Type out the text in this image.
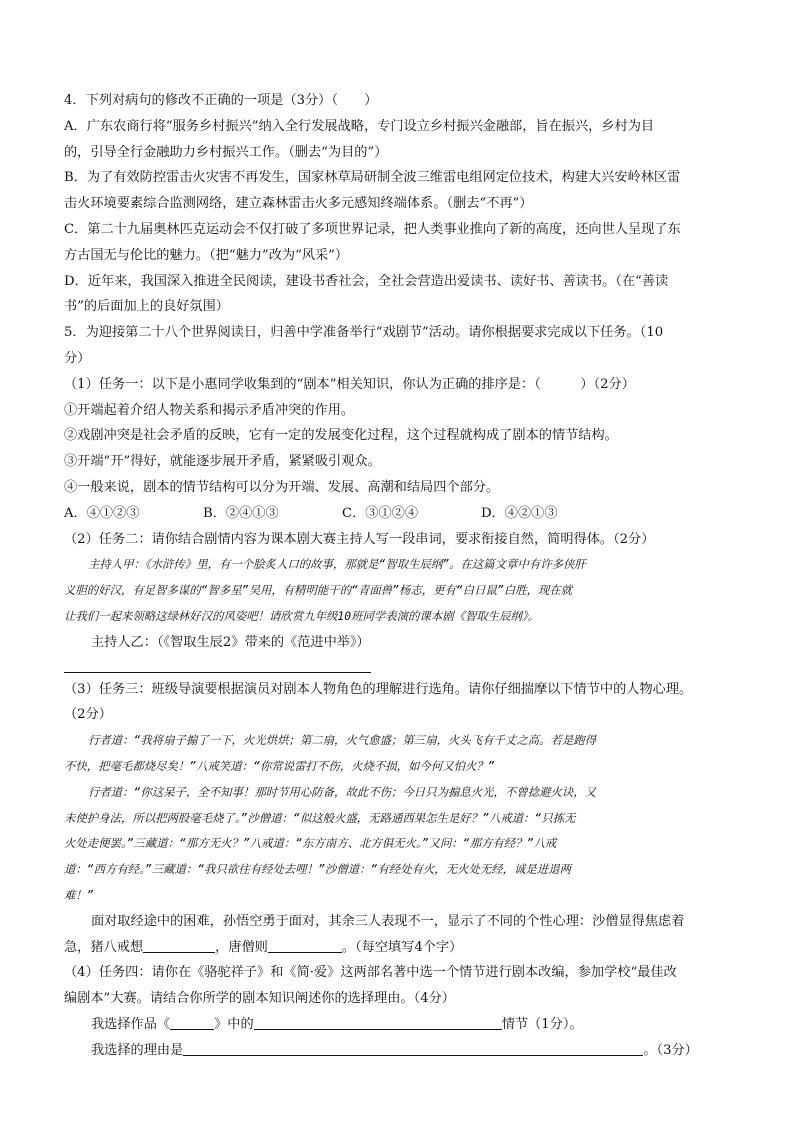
4．下列对病句的修改不正确的一项是（3分）（　　）

A．广东农商行将“服务乡村振兴”纳入全行发展战略，专门设立乡村振兴金融部，旨在振兴，乡村为目

的，引导全行金融助力乡村振兴工作。（删去“为目的”）

B．为了有效防控雷击火灾害不再发生，国家林草局研制全波三维雷电组网定位技术，构建大兴安岭林区雷

击火环境要素综合监测网络，建立森林雷击火多元感知终端体系。（删去“不再”）

C．第二十九届奥林匹克运动会不仅打破了多项世界记录，把人类事业推向了新的高度，还向世人呈现了东

方古国无与伦比的魅力。（把“魅力”改为“风采”）

D．近年来，我国深入推进全民阅读，建设书香社会，全社会营造出爱读书、读好书、善读书。（在“善读

书”的后面加上的良好氛围）

5．为迎接第二十八个世界阅读日，归善中学准备举行“戏剧节”活动。请你根据要求完成以下任务。（10

分）

（1）任务一：以下是小惠同学收集到的“剧本”相关知识，你认为正确的排序是：（　　　）（2分）

①开端起着介绍人物关系和揭示矛盾冲突的作用。

②戏剧冲突是社会矛盾的反映，它有一定的发展变化过程，这个过程就构成了剧本的情节结构。

③开端“开”得好，就能逐步展开矛盾，紧紧吸引观众。

④一般来说，剧本的情节结构可以分为开端、发展、高潮和结局四个部分。

A．④①②③	B．②④①③	C．③①②④	D．④②①③

（2）任务二：请你结合剧情内容为课本剧大赛主持人写一段串词，要求衔接自然，简明得体。（2分）

主持人甲：《水浒传》里，有一个脍炙人口的故事，那就是“智取生辰纲”。在这篇文章中有许多侠肝

义胆的好汉，有足智多谋的“智多星”吴用，有精明能干的“青面兽”杨志，更有“白日鼠”白胜，现在就

让我们一起来领略这绿林好汉的风姿吧！请欣赏九年级10班同学表演的课本剧《智取生辰纲》。

主持人乙：（《智取生辰2》带来的《范进中举》）

（3）任务三：班级导演要根据演员对剧本人物角色的理解进行选角。请你仔细揣摩以下情节中的人物心理。

（2分）

行者道：“我将扇子搧了一下，火光烘烘；第二扇，火气愈盛；第三扇，火头飞有千丈之高。若是跑得

不快，把毫毛都烧尽矣！”八戒笑道：“你常说雷打不伤，火烧不损，如今何又怕火？”

行者道：“你这呆子，全不知事！那时节用心防备，故此不伤；今日只为搧息火光，不曾捻避火诀，又

未使护身法，所以把两股毫毛烧了。”沙僧道：“似这般火盛，无路通西果怎生是好？”八戒道：“只拣无

火处走便罢。”三藏道：“那方无火？”八戒道：“东方南方、北方俱无火。”又问：“那方有经？”八戒

道：“西方有经。”三藏道：“我只欲往有经处去哩！”沙僧道：“有经处有火，无火处无经，诚是进退两

难！”

面对取经途中的困难，孙悟空勇于面对，其余三人表现不一，显示了不同的个性心理：沙僧显得焦虑着

急，猪八戒想	，唐僧则	。（每空填写4个字）

（4）任务四：请你在《骆驼祥子》和《简·爱》这两部名著中选一个情节进行剧本改编，参加学校“最佳改

编剧本”大赛。请结合你所学的剧本知识阐述你的选择理由。（4分）

我选择作品《	》中的	情节（1分）。

我选择的理由是	。（3分）
